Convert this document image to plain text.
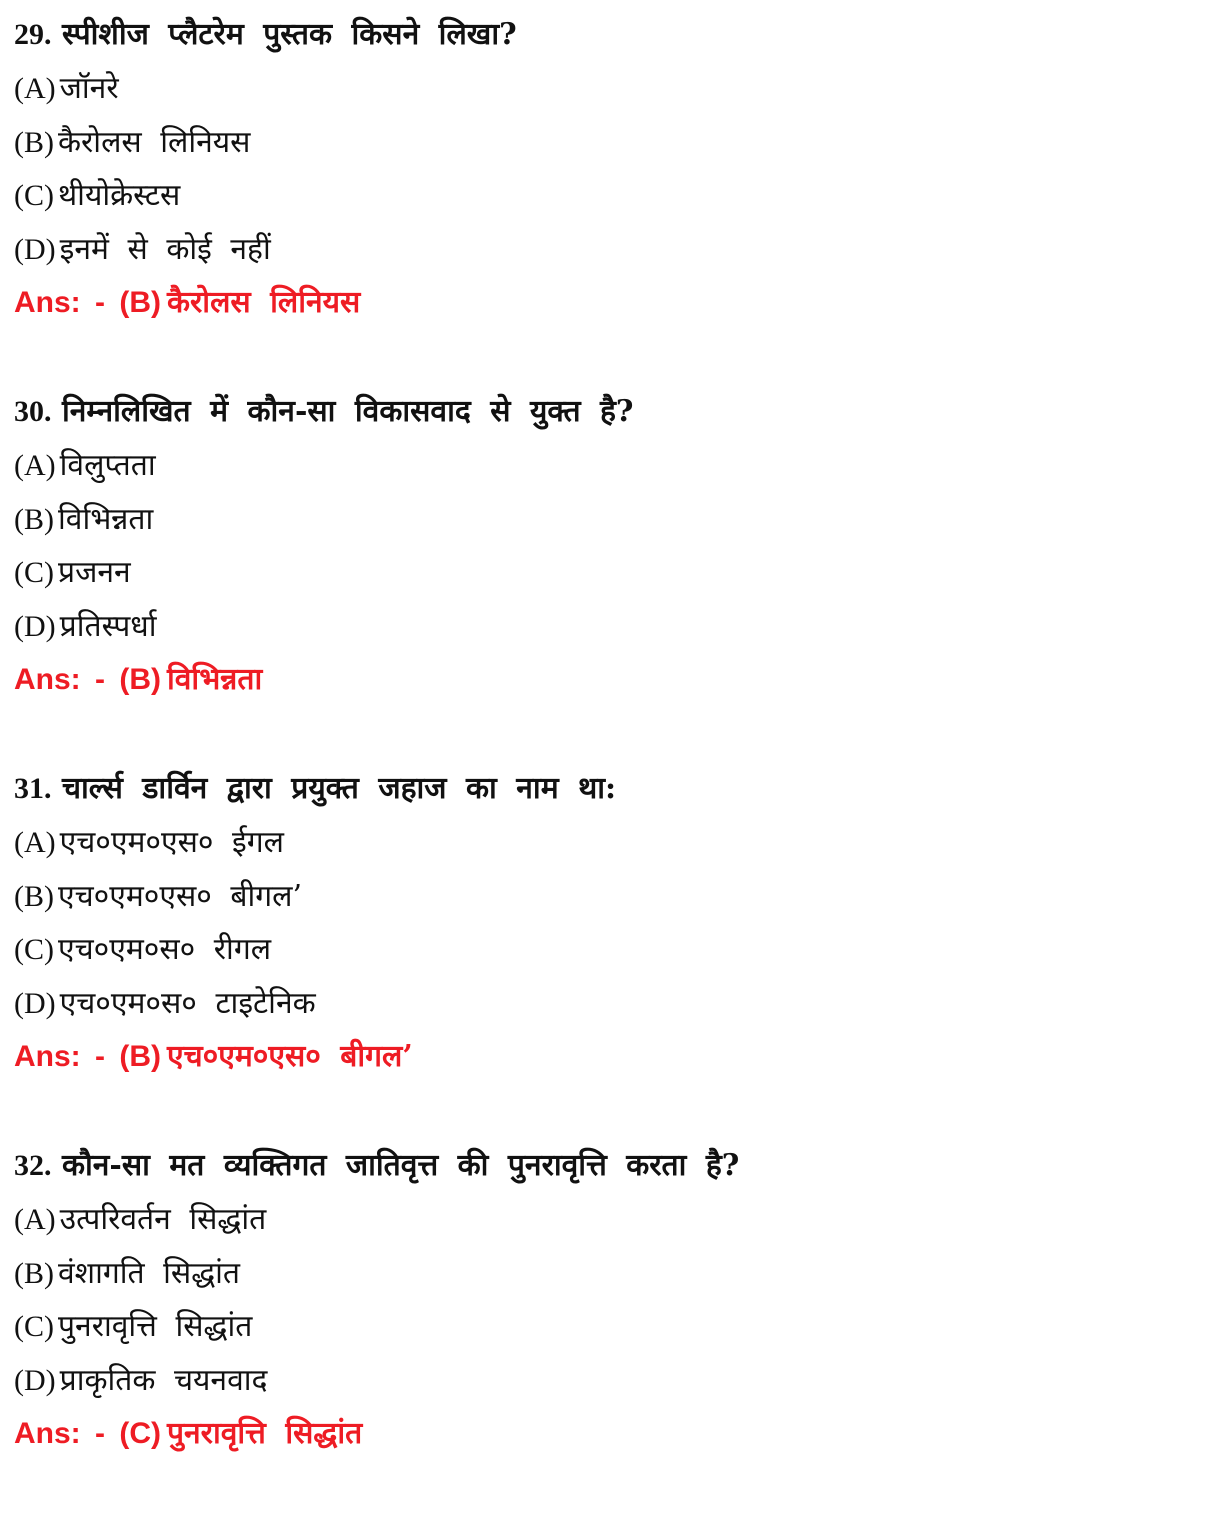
29. स्पीशीज प्लैटरेम पुस्तक किसने लिखा?
(A) जॉनरे
(B) कैरोलस लिनियस
(C) थीयोक्रेस्टस
(D) इनमें से कोई नहीं
Ans: - (B) कैरोलस लिनियस
30. निम्नलिखित में कौन-सा विकासवाद से युक्त है?
(A) विलुप्तता
(B) विभिन्नता
(C) प्रजनन
(D) प्रतिस्पर्धा
Ans: - (B) विभिन्नता
31. चार्ल्स डार्विन द्वारा प्रयुक्त जहाज का नाम था:
(A) एच०एम०एस० ईगल
(B) एच०एम०एस० बीगल’
(C) एच०एम०स० रीगल
(D) एच०एम०स० टाइटेनिक
Ans: - (B) एच०एम०एस० बीगल’
32. कौन-सा मत व्यक्तिगत जातिवृत्त की पुनरावृत्ति करता है?
(A) उत्परिवर्तन सिद्धांत
(B) वंशागति सिद्धांत
(C) पुनरावृत्ति सिद्धांत
(D) प्राकृतिक चयनवाद
Ans: - (C) पुनरावृत्ति सिद्धांत
